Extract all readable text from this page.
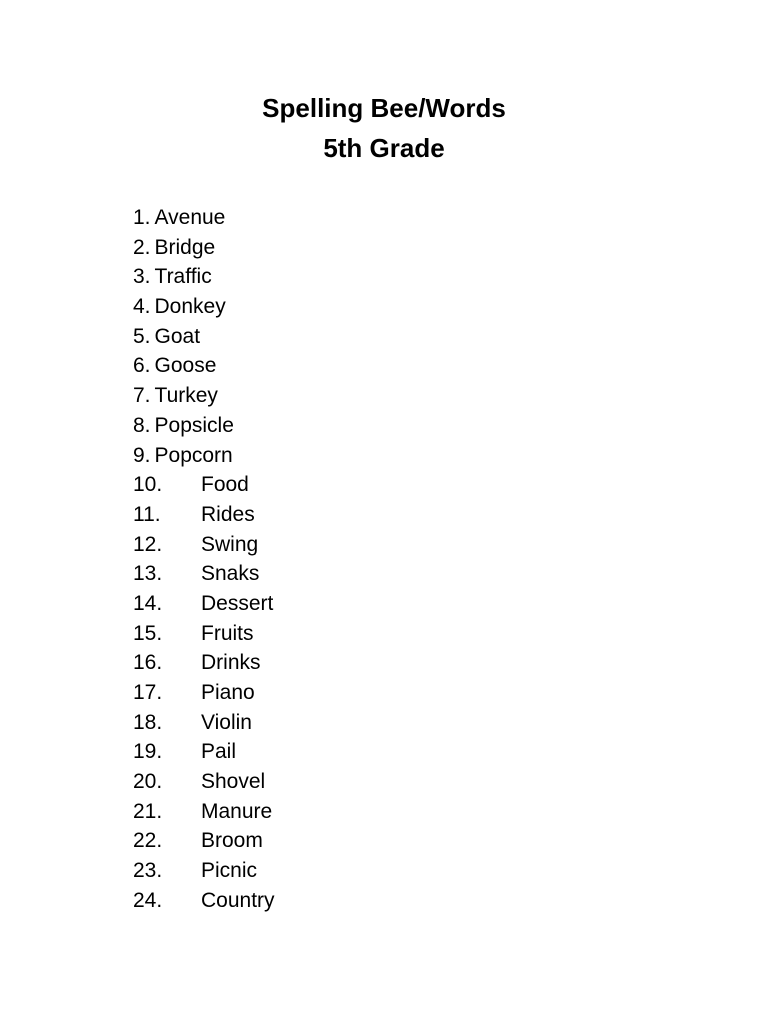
Spelling Bee/Words
5th Grade
1. Avenue
2. Bridge
3. Traffic
4. Donkey
5. Goat
6. Goose
7. Turkey
8. Popsicle
9. Popcorn
10. Food
11. Rides
12. Swing
13. Snaks
14. Dessert
15. Fruits
16. Drinks
17. Piano
18. Violin
19. Pail
20. Shovel
21. Manure
22. Broom
23. Picnic
24. Country
